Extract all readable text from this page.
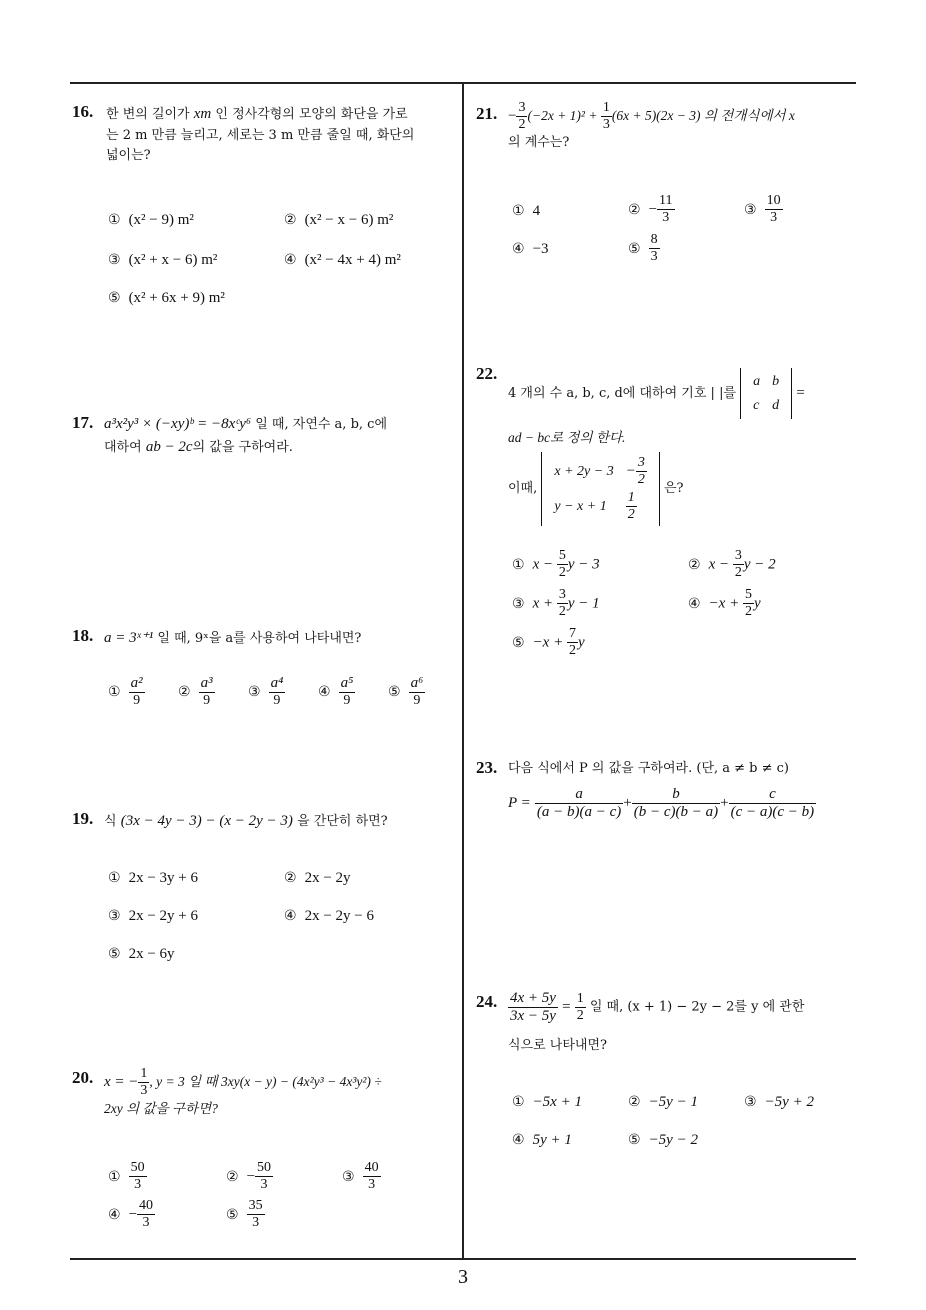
16. 한 변의 길이가 xm 인 정사각형의 모양의 화단을 가로
는 2 m 만큼 늘리고, 세로는 3 m 만큼 줄일 때, 화단의
넓이는?
① (x² − 9) m²	② (x² − x − 6) m²
③ (x² + x − 6) m²	④ (x² − 4x + 4) m²
⑤ (x² + 6x + 9) m²
17. a³x²y³ × (−xy)ᵇ = −8xᶜy⁶ 일 때, 자연수 a, b, c에
대하여 ab − 2c의 값을 구하여라.
18. a = 3ˣ⁺¹ 일 때, 9ˣ을 a를 사용하여 나타내면?
① $\frac{\text{a²}}{9}$ ② $\frac{\text{a³}}{9}$ ③ $\frac{\text{a⁴}}{9}$ ④ $\frac{\text{a⁵}}{9}$ ⑤ $\frac{\text{a⁶}}{9}$
19. 식 (3x − 4y − 3) − (x − 2y − 3) 을 간단히 하면?
① 2x − 3y + 6	② 2x − 2y
③ 2x − 2y + 6	④ 2x − 2y − 6
⑤ 2x − 6y
20. x = − $\frac{1}{3}$ , y = 3 일 때 3xy(x − y) − (4x²y³ − 4x³y²) ÷
2xy 의 값을 구하면?
① $\frac{50}{3}$	② − $\frac{50}{3}$	③ $\frac{40}{3}$
④ − $\frac{40}{3}$	⑤ $\frac{35}{3}$
21. − $\frac{3}{2} (-2x + 1)^2 + \frac{1}{3} (6x + 5)(2x - 3)$ 의 전개식에서 x
의 계수는?
① 4	② − $\frac{11}{3}$	③ $\frac{10}{3}$
④ −3	⑤ $\frac{8}{3}$
22.
4 개의 수 a, b, c, d에 대하여 기호 | |를
a	b
c	d
=
ad − bc로 정의 한다.
이때,
x + 2y − 3	− $\frac{3}{2}$

y − x + 1	$\frac{1}{2}$
은?
① $x - \frac{5}{2}$ y − 3	② $x - \frac{3}{2}$ y − 2
③ $x + \frac{3}{2}$ y − 1	④ $-x + \frac{5}{2}$ y
⑤ $-x + \frac{7}{2}$ y
23. 다음 식에서 P 의 값을 구하여라. (단, a ≠ b ≠ c)
$P = \frac{a}{(a - b)(a - c)} + \frac{b}{(b - c)(b - a)} + \frac{c}{(c - a)(c - b)}$
24. $\frac{4x + 5y}{3x - 5y} = \frac{1}{2}$ 일 때, (x + 1) − 2y − 2를 y 에 관한
식으로 나타내면?
① −5x + 1	② −5y − 1	③ −5y + 2
④ 5y + 1	⑤ −5y − 2
3
